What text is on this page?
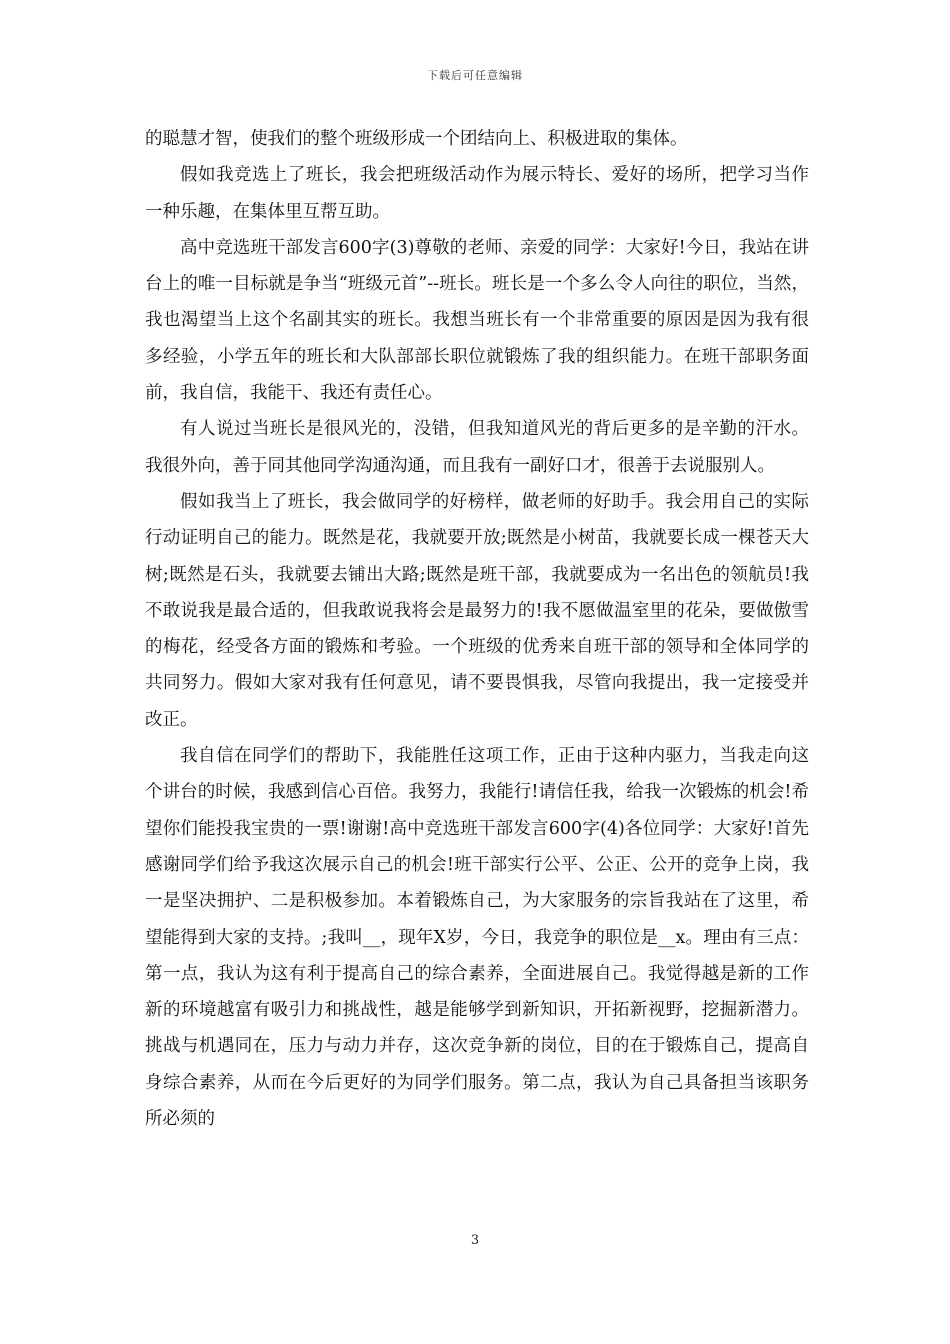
下载后可任意编辑

的聪慧才智，使我们的整个班级形成一个团结向上、积极进取的集体。

假如我竞选上了班长，我会把班级活动作为展示特长、爱好的场所，把学习当作一种乐趣，在集体里互帮互助。

高中竞选班干部发言600字(3)尊敬的老师、亲爱的同学：大家好!今日，我站在讲台上的唯一目标就是争当“班级元首”--班长。班长是一个多么令人向往的职位，当然，我也渴望当上这个名副其实的班长。我想当班长有一个非常重要的原因是因为我有很多经验，小学五年的班长和大队部部长职位就锻炼了我的组织能力。在班干部职务面前，我自信，我能干、我还有责任心。

有人说过当班长是很风光的，没错，但我知道风光的背后更多的是辛勤的汗水。我很外向，善于同其他同学沟通沟通，而且我有一副好口才，很善于去说服别人。

假如我当上了班长，我会做同学的好榜样，做老师的好助手。我会用自己的实际行动证明自己的能力。既然是花，我就要开放;既然是小树苗，我就要长成一棵苍天大树;既然是石头，我就要去铺出大路;既然是班干部，我就要成为一名出色的领航员!我不敢说我是最合适的，但我敢说我将会是最努力的!我不愿做温室里的花朵，要做傲雪的梅花，经受各方面的锻炼和考验。一个班级的优秀来自班干部的领导和全体同学的共同努力。假如大家对我有任何意见，请不要畏惧我，尽管向我提出，我一定接受并改正。

我自信在同学们的帮助下，我能胜任这项工作，正由于这种内驱力，当我走向这个讲台的时候，我感到信心百倍。我努力，我能行!请信任我，给我一次锻炼的机会!希望你们能投我宝贵的一票!谢谢!高中竞选班干部发言600字(4)各位同学：大家好!首先感谢同学们给予我这次展示自己的机会!班干部实行公平、公正、公开的竞争上岗，我一是坚决拥护、二是积极参加。本着锻炼自己，为大家服务的宗旨我站在了这里，希望能得到大家的支持。;我叫__，现年X岁，今日，我竞争的职位是__x。理由有三点：第一点，我认为这有利于提高自己的综合素养，全面进展自己。我觉得越是新的工作新的环境越富有吸引力和挑战性，越是能够学到新知识，开拓新视野，挖掘新潜力。挑战与机遇同在，压力与动力并存，这次竞争新的岗位，目的在于锻炼自己，提高自身综合素养，从而在今后更好的为同学们服务。第二点，我认为自己具备担当该职务所必须的

3
